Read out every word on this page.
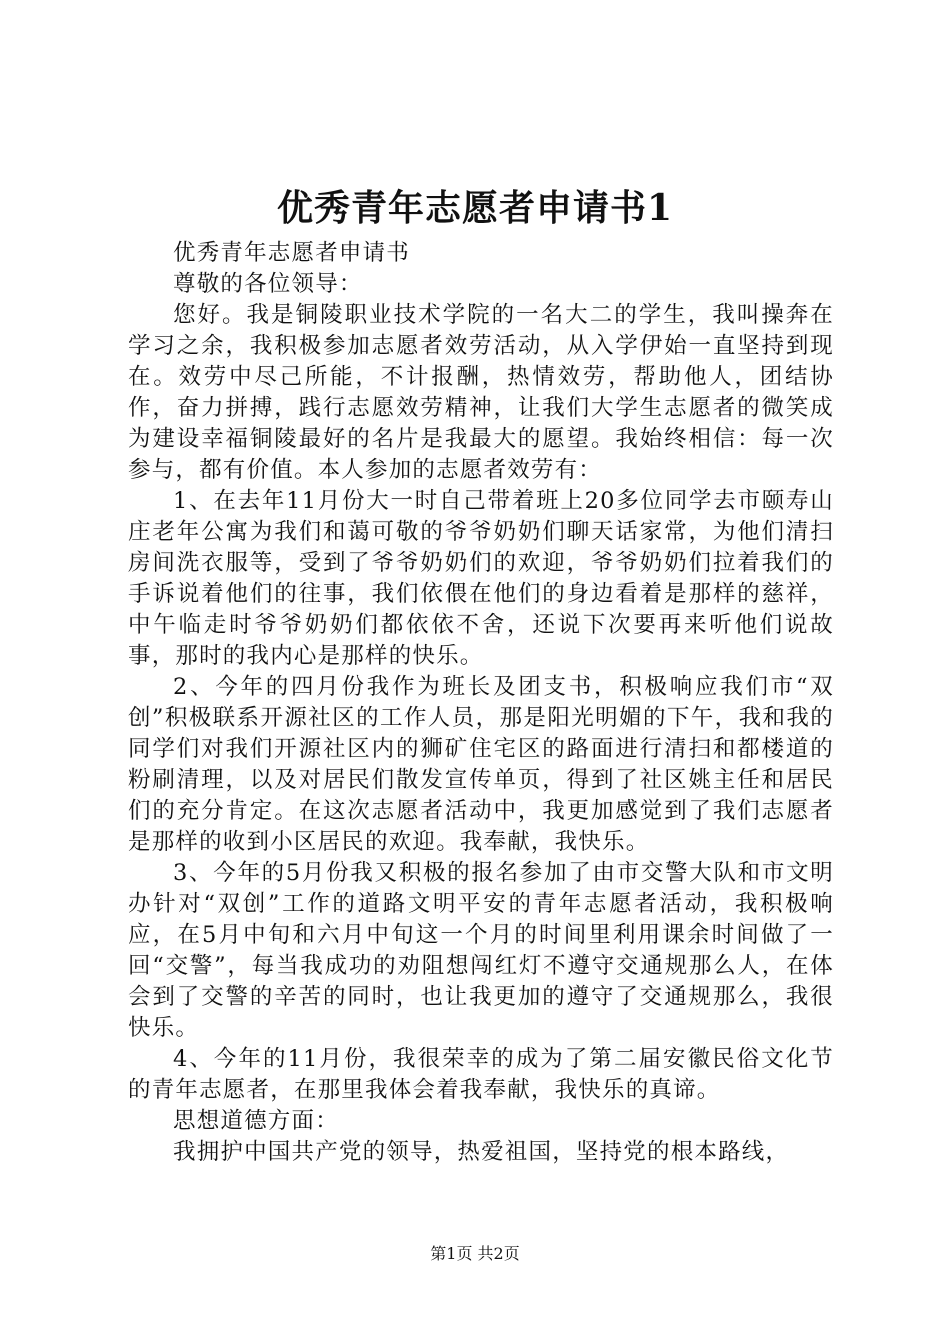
优秀青年志愿者申请书1

优秀青年志愿者申请书

尊敬的各位领导：

您好。我是铜陵职业技术学院的一名大二的学生，我叫操奔在学习之余，我积极参加志愿者效劳活动，从入学伊始一直坚持到现在。效劳中尽己所能，不计报酬，热情效劳，帮助他人，团结协作，奋力拼搏，践行志愿效劳精神，让我们大学生志愿者的微笑成为建设幸福铜陵最好的名片是我最大的愿望。我始终相信：每一次参与，都有价值。本人参加的志愿者效劳有：

1、在去年11月份大一时自己带着班上20多位同学去市颐寿山庄老年公寓为我们和蔼可敬的爷爷奶奶们聊天话家常，为他们清扫房间洗衣服等，受到了爷爷奶奶们的欢迎，爷爷奶奶们拉着我们的手诉说着他们的往事，我们依偎在他们的身边看着是那样的慈祥，中午临走时爷爷奶奶们都依依不舍，还说下次要再来听他们说故事，那时的我内心是那样的快乐。

2、今年的四月份我作为班长及团支书，积极响应我们市“双创”积极联系开源社区的工作人员，那是阳光明媚的下午，我和我的同学们对我们开源社区内的狮矿住宅区的路面进行清扫和都楼道的粉刷清理，以及对居民们散发宣传单页，得到了社区姚主任和居民们的充分肯定。在这次志愿者活动中，我更加感觉到了我们志愿者是那样的收到小区居民的欢迎。我奉献，我快乐。

3、今年的5月份我又积极的报名参加了由市交警大队和市文明办针对“双创”工作的道路文明平安的青年志愿者活动，我积极响应，在5月中旬和六月中旬这一个月的时间里利用课余时间做了一回“交警”，每当我成功的劝阻想闯红灯不遵守交通规那么人，在体会到了交警的辛苦的同时，也让我更加的遵守了交通规那么，我很快乐。

4、今年的11月份，我很荣幸的成为了第二届安徽民俗文化节的青年志愿者，在那里我体会着我奉献，我快乐的真谛。

思想道德方面：

我拥护中国共产党的领导，热爱祖国，坚持党的根本路线，

第1页 共2页
